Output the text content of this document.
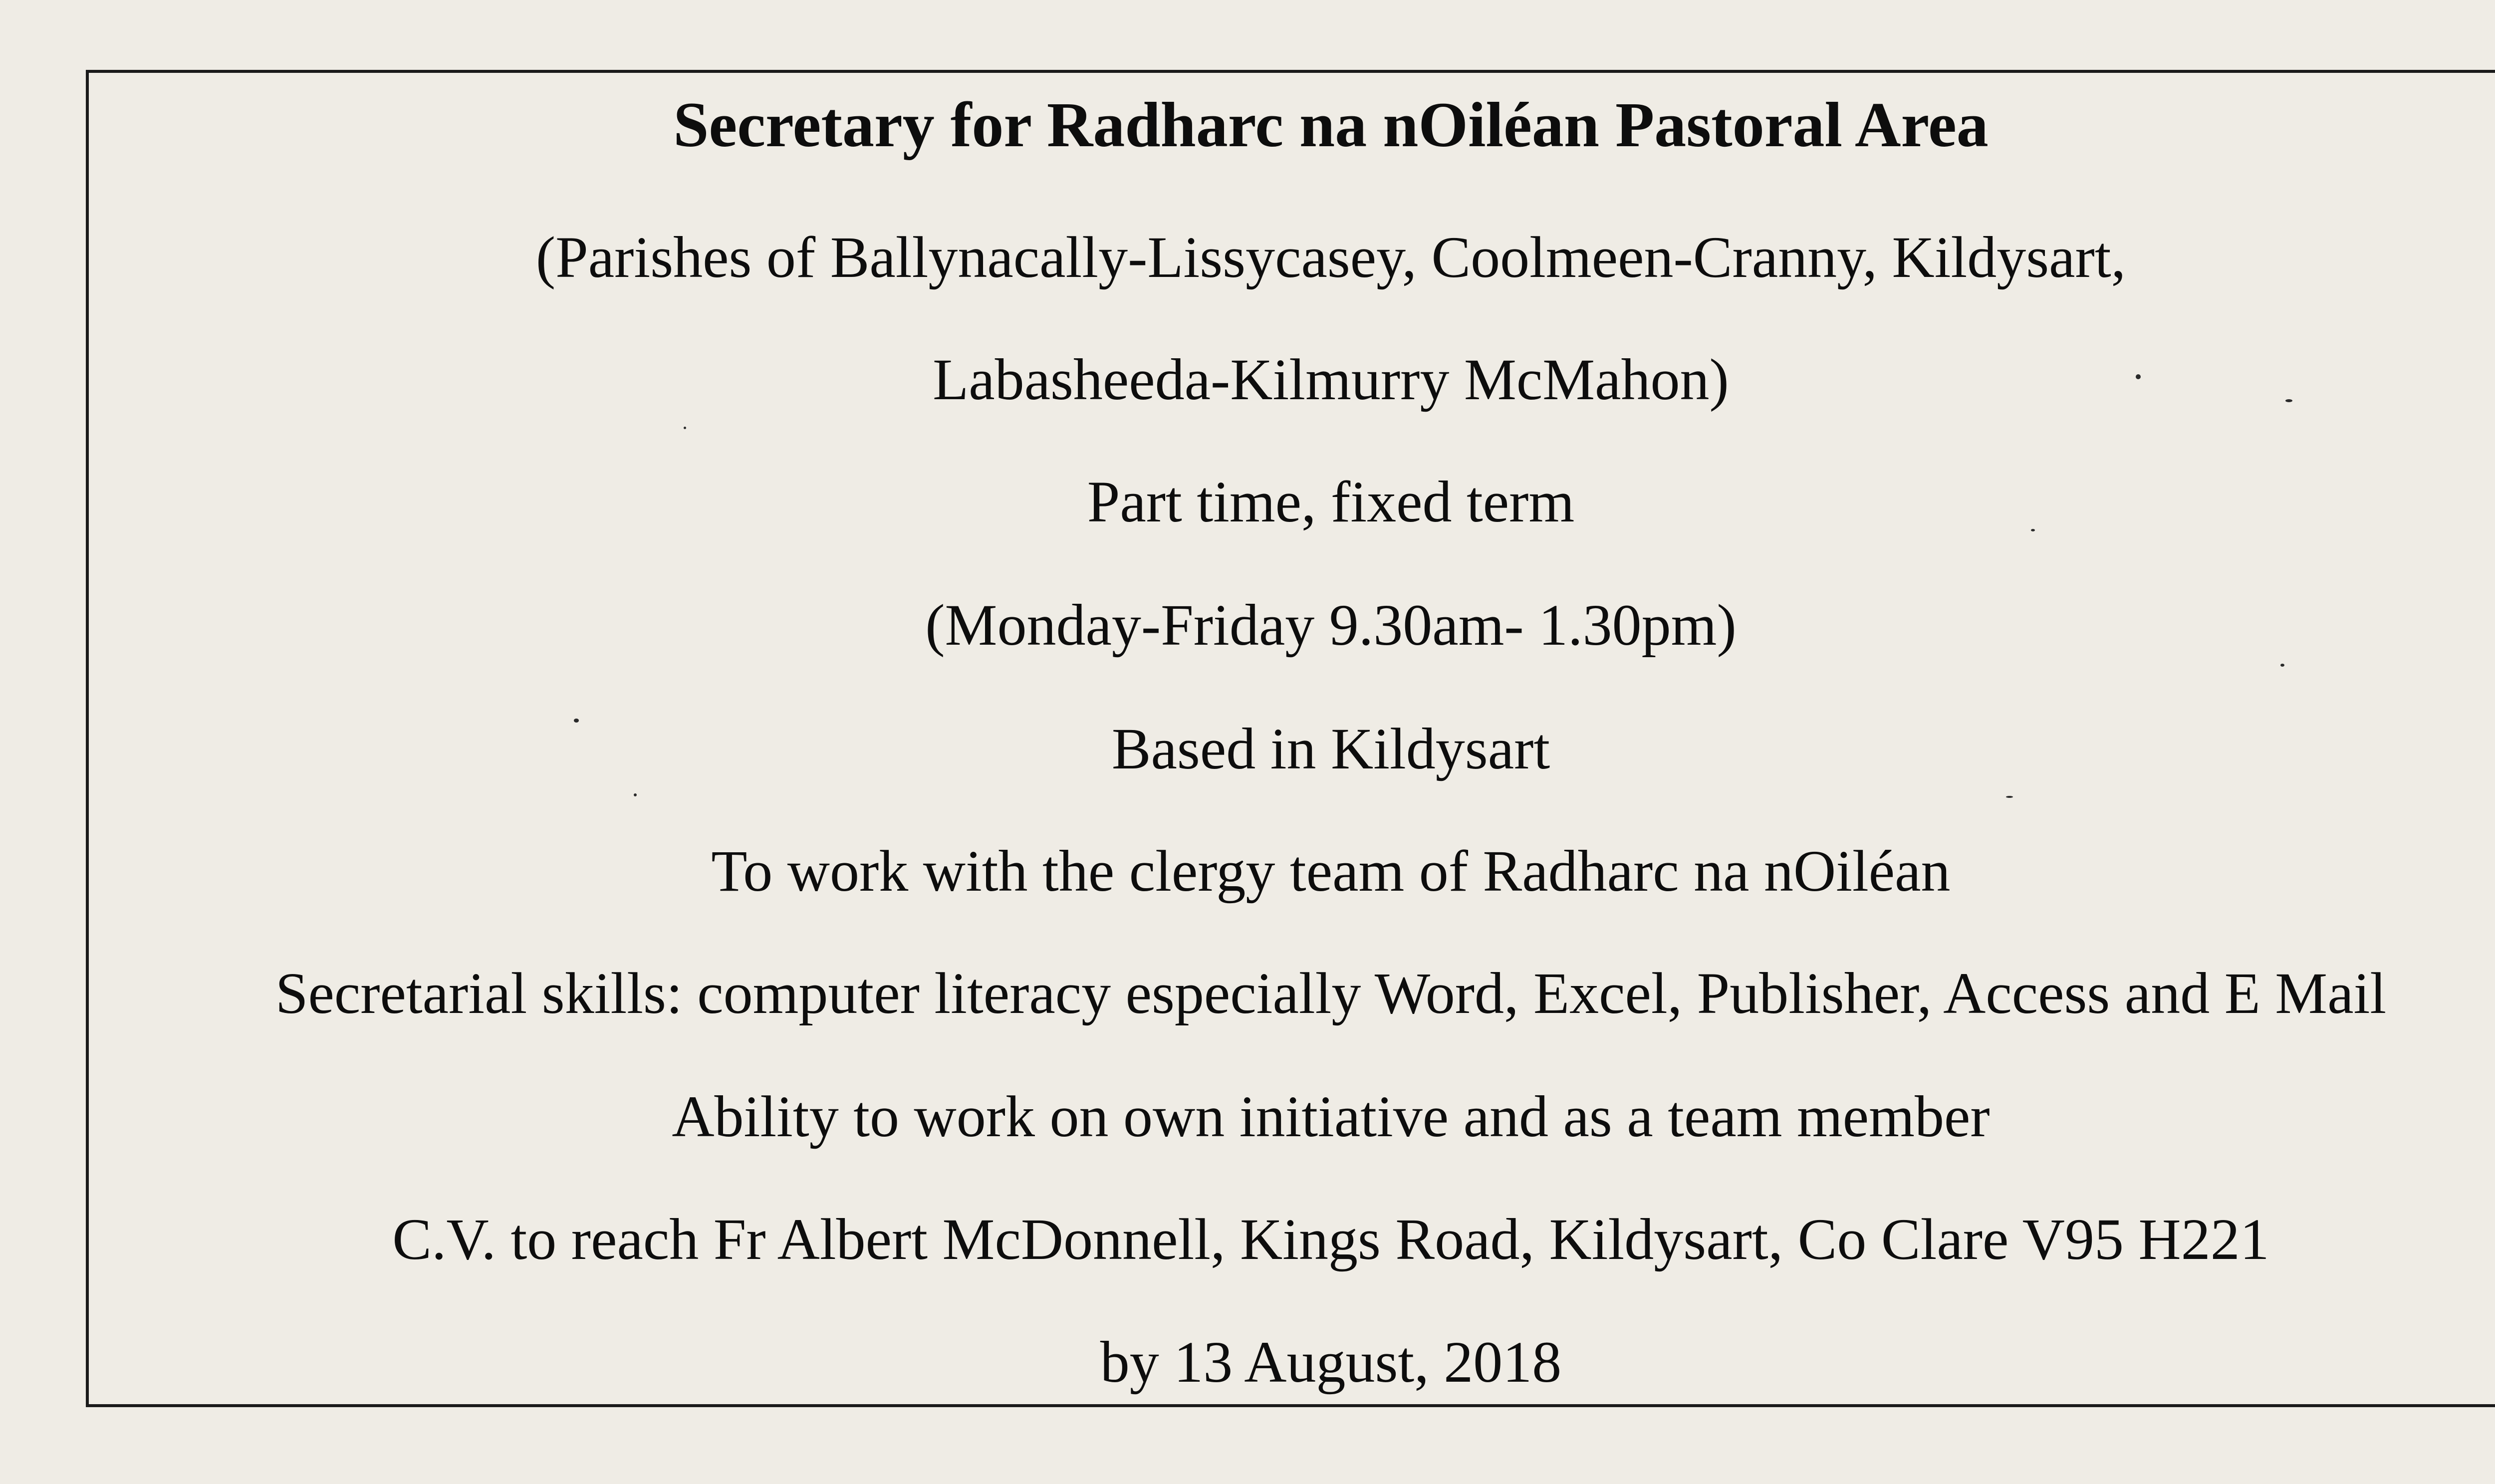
Secretary for Radharc na nOiléan Pastoral Area
(Parishes of Ballynacally-Lissycasey, Coolmeen-Cranny, Kildysart,
Labasheeda-Kilmurry McMahon)
Part time, fixed term
(Monday-Friday 9.30am- 1.30pm)
Based in Kildysart
To work with the clergy team of Radharc na nOiléan
Secretarial skills: computer literacy especially Word, Excel, Publisher, Access and E Mail
Ability to work on own initiative and as a team member
C.V. to reach Fr Albert McDonnell, Kings Road, Kildysart, Co Clare V95 H221
by 13 August, 2018
